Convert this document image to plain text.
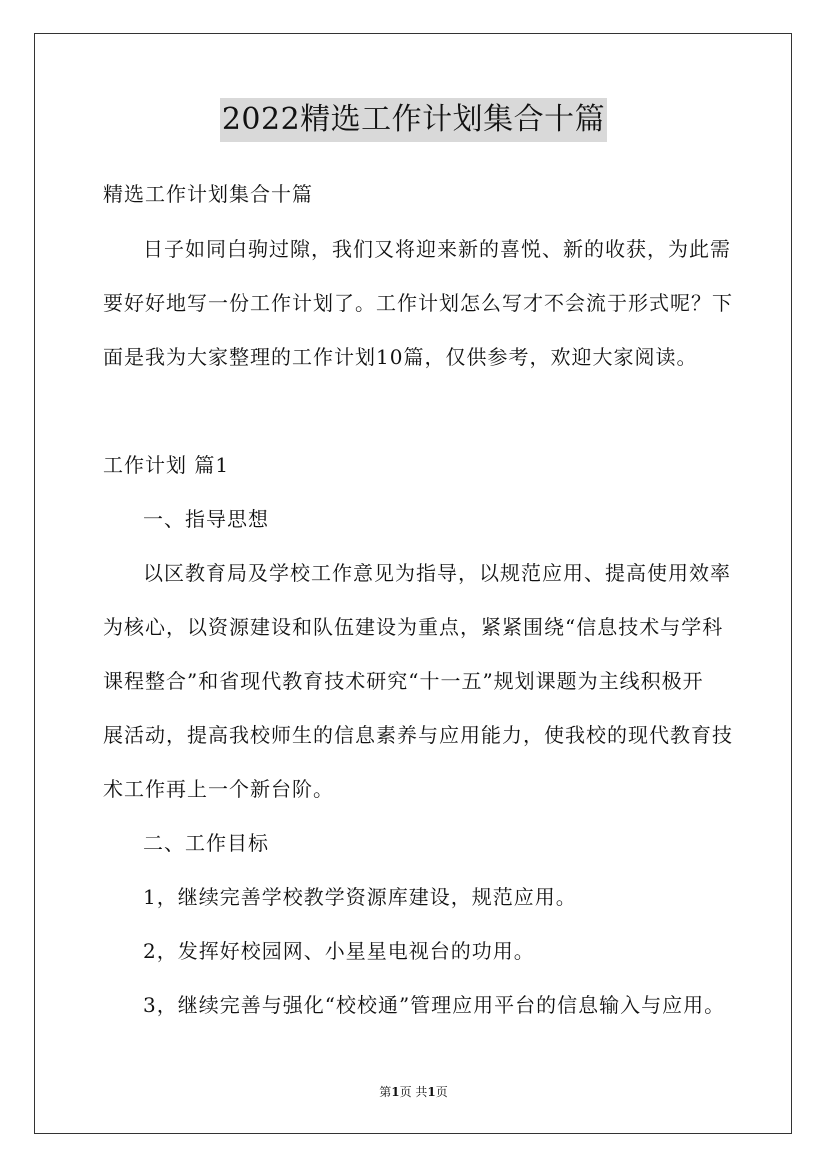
2022精选工作计划集合十篇
精选工作计划集合十篇
日子如同白驹过隙，我们又将迎来新的喜悦、新的收获，为此需
要好好地写一份工作计划了。工作计划怎么写才不会流于形式呢？下
面是我为大家整理的工作计划10篇，仅供参考，欢迎大家阅读。
工作计划 篇1
一、指导思想
以区教育局及学校工作意见为指导，以规范应用、提高使用效率
为核心，以资源建设和队伍建设为重点，紧紧围绕“信息技术与学科
课程整合”和省现代教育技术研究“十一五”规划课题为主线积极开
展活动，提高我校师生的信息素养与应用能力，使我校的现代教育技
术工作再上一个新台阶。
二、工作目标
1，继续完善学校教学资源库建设，规范应用。
2，发挥好校园网、小星星电视台的功用。
3，继续完善与强化“校校通”管理应用平台的信息输入与应用。
第1页 共1页
